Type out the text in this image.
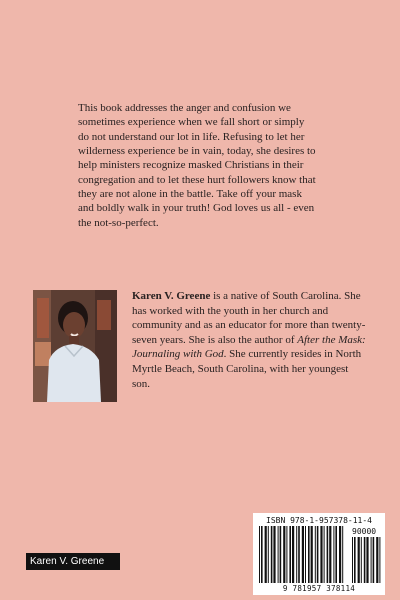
This book addresses the anger and confusion we sometimes experience when we fall short or simply do not understand our lot in life. Refusing to let her wilderness experience be in vain, today, she desires to help ministers recognize masked Christians in their congregation and to let these hurt followers know that they are not alone in the battle. Take off your mask and boldly walk in your truth! God loves us all - even the not-so-perfect.

Karen V. Greene is a native of South Carolina. She has worked with the youth in her church and community and as an educator for more than twenty-seven years. She is also the author of After the Mask: Journaling with God. She currently resides in North Myrtle Beach, South Carolina, with her youngest son.

ISBN 978-1-957378-11-4
90000
9 781957 378114
Karen V. Greene
